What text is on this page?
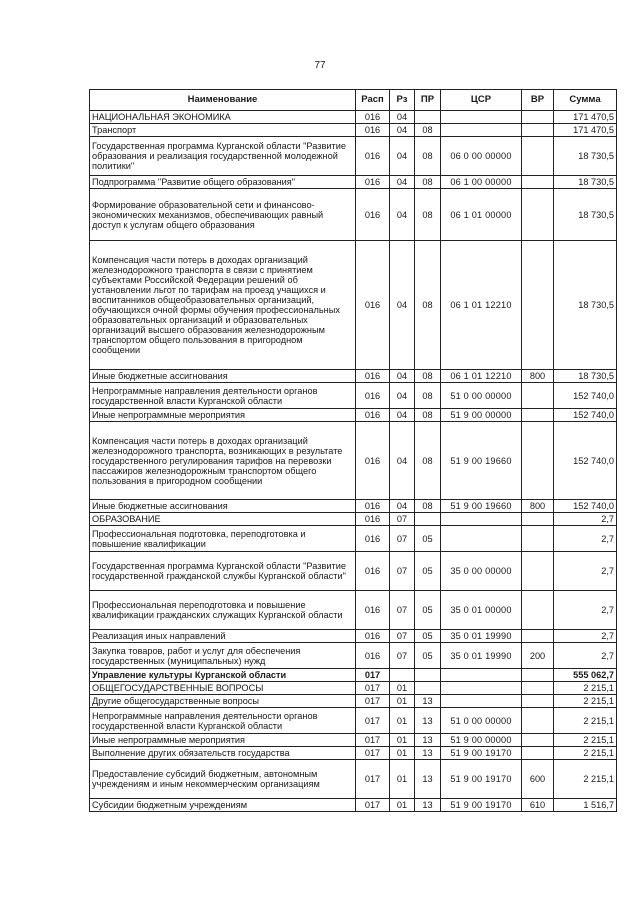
77
Наименование	Расп	Рз	ПР	ЦСР	ВР	Сумма
НАЦИОНАЛЬНАЯ ЭКОНОМИКА	016	04				171 470,5
Транспорт	016	04	08			171 470,5
Государственная программа Курганской области "Развитие образования и реализация государственной молодежной политики"	016	04	08	06 0 00 00000		18 730,5
Подпрограмма "Развитие общего образования"	016	04	08	06 1 00 00000		18 730,5
Формирование образовательной сети и финансово-экономических механизмов, обеспечивающих равный доступ к услугам общего образования	016	04	08	06 1 01 00000		18 730,5
Компенсация части потерь в доходах организаций железнодорожного транспорта в связи с принятием субъектами Российской Федерации решений об установлении льгот по тарифам на проезд учащихся и воспитанников общеобразовательных организаций, обучающихся очной формы обучения профессиональных образовательных организаций и образовательных организаций высшего образования железнодорожным транспортом общего пользования в пригородном сообщении	016	04	08	06 1 01 12210		18 730,5
Иные бюджетные ассигнования	016	04	08	06 1 01 12210	800	18 730,5
Непрограммные направления деятельности органов государственной власти Курганской области	016	04	08	51 0 00 00000		152 740,0
Иные непрограммные мероприятия	016	04	08	51 9 00 00000		152 740,0
Компенсация части потерь в доходах организаций железнодорожного транспорта, возникающих в результате государственного регулирования тарифов на перевозки пассажиров железнодорожным транспортом общего пользования в пригородном сообщении	016	04	08	51 9 00 19660		152 740,0
Иные бюджетные ассигнования	016	04	08	51 9 00 19660	800	152 740,0
ОБРАЗОВАНИЕ	016	07				2,7
Профессиональная подготовка, переподготовка и повышение квалификации	016	07	05			2,7
Государственная программа Курганской области "Развитие государственной гражданской службы Курганской области"	016	07	05	35 0 00 00000		2,7
Профессиональная переподготовка и повышение квалификации гражданских служащих Курганской области	016	07	05	35 0 01 00000		2,7
Реализация иных направлений	016	07	05	35 0 01 19990		2,7
Закупка товаров, работ и услуг для обеспечения государственных (муниципальных) нужд	016	07	05	35 0 01 19990	200	2,7
Управление культуры Курганской области	017					555 062,7
ОБЩЕГОСУДАРСТВЕННЫЕ ВОПРОСЫ	017	01				2 215,1
Другие общегосударственные вопросы	017	01	13			2 215,1
Непрограммные направления деятельности органов государственной власти Курганской области	017	01	13	51 0 00 00000		2 215,1
Иные непрограммные мероприятия	017	01	13	51 9 00 00000		2 215,1
Выполнение других обязательств государства	017	01	13	51 9 00 19170		2 215,1
Предоставление субсидий бюджетным, автономным учреждениям и иным некоммерческим организациям	017	01	13	51 9 00 19170	600	2 215,1
Субсидии бюджетным учреждениям	017	01	13	51 9 00 19170	610	1 516,7
